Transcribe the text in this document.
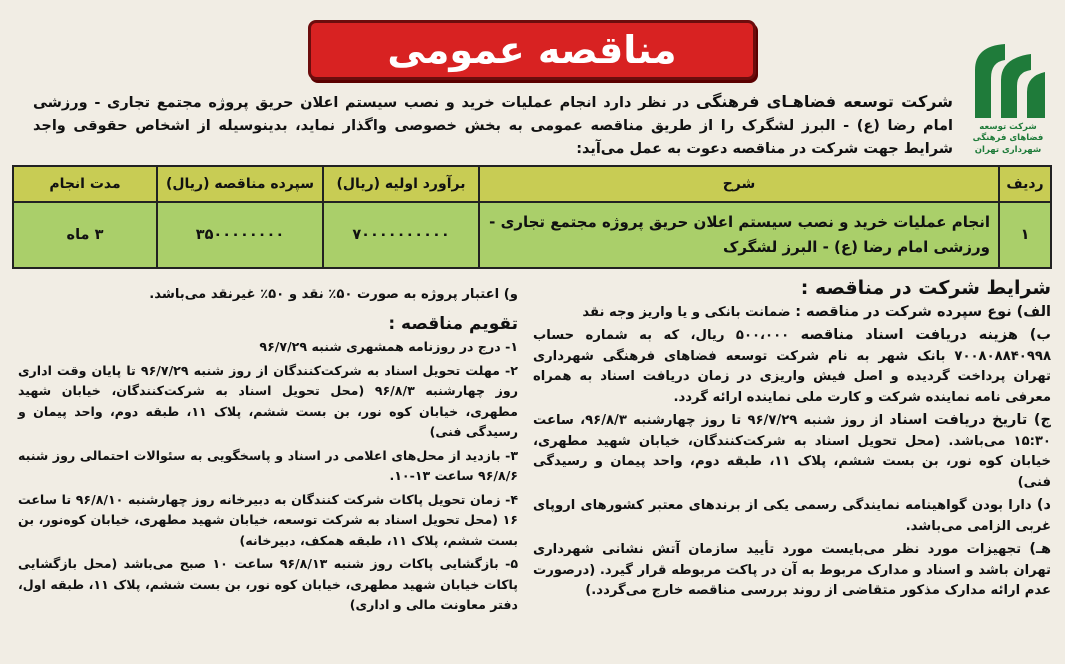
شرکت توسعه فضاهای فرهنگی
شهرداری تهران
مناقصه عمومی
شرکت توسعه فضاهـای فرهنگی در نظر دارد انجام عملیات خرید و نصب سیستم اعلان حریق پروژه مجتمع تجاری - ورزشی امام رضا (ع) - البرز لشگرک را از طریق مناقصه عمومی به بخش خصوصی واگذار نماید، بدینوسیله از اشخاص حقوقی واجد شرایط جهت شرکت در مناقصه دعوت به عمل می‌آید:
ردیف	شرح	برآورد اولیه (ریال)	سپرده مناقصه (ریال)	مدت انجام
۱	انجام عملیات خرید و نصب سیستم اعلان حریق پروژه مجتمع تجاری - ورزشی امام رضا (ع) - البرز لشگرک	۷۰۰۰۰۰۰۰۰۰۰	۳۵۰۰۰۰۰۰۰۰	۳ ماه
شرایط شرکت در مناقصه :

الف) نوع سپرده شرکت در مناقصه : ضمانت بانکی و یا واریز وجه نقد

ب) هزینه دریافت اسناد مناقصه ۵۰۰،۰۰۰ ریال، که به شماره حساب ۷۰۰۸۰۸۸۴۰۹۹۸ بانک شهر به نام شرکت توسعه فضاهای فرهنگی شهرداری تهران پرداخت گردیده و اصل فیش واریزی در زمان دریافت اسناد به همراه معرفی نامه نماینده شرکت و کارت ملی نماینده ارائه گردد.

ج) تاریخ دریافت اسناد از روز شنبه ۹۶/۷/۲۹ تا روز چهارشنبه ۹۶/۸/۳، ساعت ۱۵:۳۰ می‌باشد. (محل تحویل اسناد به شرکت‌کنندگان، خیابان شهید مطهری، خیابان کوه نور، بن بست ششم، پلاک ۱۱، طبقه دوم، واحد پیمان و رسیدگی فنی)

د) دارا بودن گواهینامه نمایندگی رسمی یکی از برندهای معتبر کشورهای اروپای غربی الزامی می‌باشد.

هـ) تجهیزات مورد نظر می‌بایست مورد تأیید سازمان آتش نشانی شهرداری تهران باشد و اسناد و مدارک مربوط به آن در پاکت مربوطه قرار گیرد. (درصورت عدم ارائه مدارک مذکور متقاضی از روند بررسی مناقصه خارج می‌گردد.)

و) اعتبار پروژه به صورت ۵۰٪ نقد و ۵۰٪ غیرنقد می‌باشد.

تقویم مناقصه :

۱- درج در روزنامه همشهری شنبه ۹۶/۷/۲۹

۲- مهلت تحویل اسناد به شرکت‌کنندگان از روز شنبه ۹۶/۷/۲۹ تا پایان وقت اداری روز چهارشنبه ۹۶/۸/۳ (محل تحویل اسناد به شرکت‌کنندگان، خیابان شهید مطهری، خیابان کوه نور، بن بست ششم، پلاک ۱۱، طبقه دوم، واحد پیمان و رسیدگی فنی)

۳- بازدید از محل‌های اعلامی در اسناد و پاسخگویی به سئوالات احتمالی روز شنبه ۹۶/۸/۶ ساعت ۱۳-۱۰.

۴- زمان تحویل پاکات شرکت کنندگان به دبیرخانه روز چهارشنبه ۹۶/۸/۱۰ تا ساعت ۱۶ (محل تحویل اسناد به شرکت توسعه، خیابان شهید مطهری، خیابان کوه‌نور، بن بست ششم، پلاک ۱۱، طبقه همکف، دبیرخانه)

۵- بازگشایی پاکات روز شنبه ۹۶/۸/۱۳ ساعت ۱۰ صبح می‌باشد (محل بازگشایی پاکات خیابان شهید مطهری، خیابان کوه نور، بن بست ششم، پلاک ۱۱، طبقه اول، دفتر معاونت مالی و اداری)
